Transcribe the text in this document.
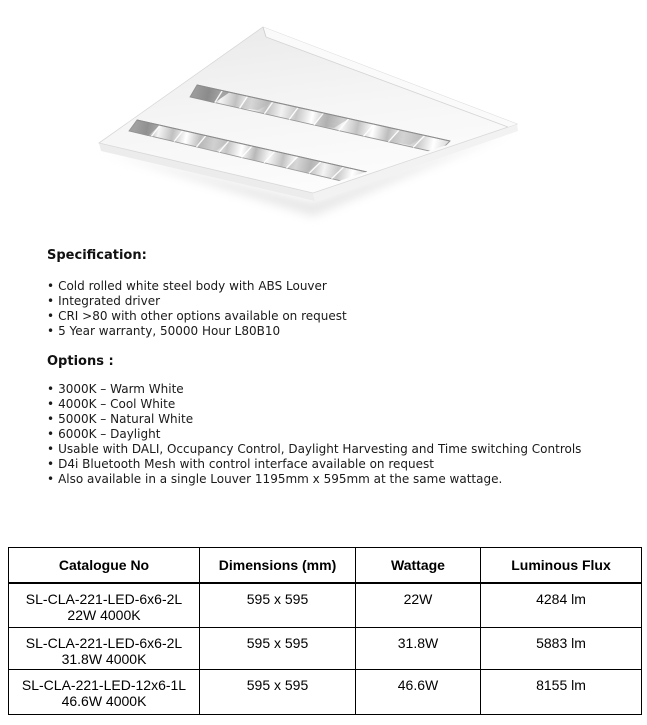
Specification:
• Cold rolled white steel body with ABS Louver
• Integrated driver
• CRI >80 with other options available on request
• 5 Year warranty, 50000 Hour L80B10
Options :
• 3000K – Warm White
• 4000K – Cool White
• 5000K – Natural White
• 6000K – Daylight
• Usable with DALI, Occupancy Control, Daylight Harvesting and Time switching Controls
• D4i Bluetooth Mesh with control interface available on request
• Also available in a single Louver 1195mm x 595mm at the same wattage.
Catalogue No	Dimensions (mm)	Wattage	Luminous Flux

SL-CLA-221-LED-6x6-2L
22W 4000K	595 x 595	22W	4284 lm

SL-CLA-221-LED-6x6-2L
31.8W 4000K	595 x 595	31.8W	5883 lm

SL-CLA-221-LED-12x6-1L
46.6W 4000K	595 x 595	46.6W	8155 lm
